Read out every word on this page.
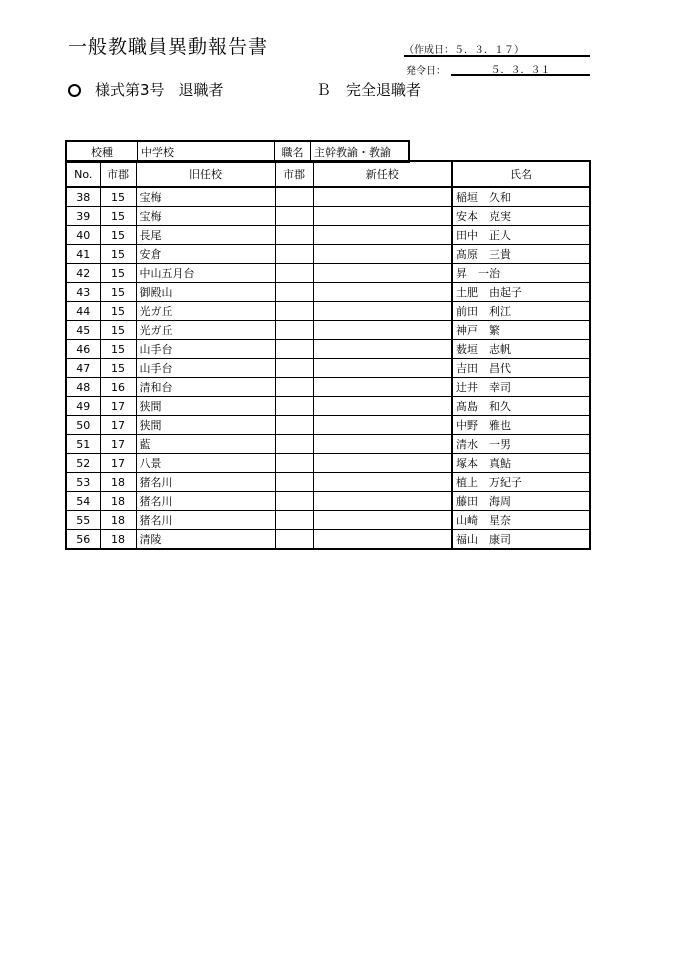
一般教職員異動報告書	（作成日：５．３．１７）
発令日：	５．３．３１
様式第3号 退職者	Ｂ　完全退職者
校種	中学校	職名	主幹教諭・教諭
No.	市郡	旧任校	市郡	新任校	氏名
38	15	宝梅			稲垣　久和
39	15	宝梅			安本　克実
40	15	長尾			田中　正人
41	15	安倉			髙原　三貴
42	15	中山五月台			昇　一治
43	15	御殿山			土肥　由起子
44	15	光ガ丘			前田　利江
45	15	光ガ丘			神戸　繁
46	15	山手台			薮垣　志帆
47	15	山手台			吉田　昌代
48	16	清和台			辻井　幸司
49	17	狭間			髙島　和久
50	17	狭間			中野　雅也
51	17	藍			清水　一男
52	17	八景			塚本　真鮎
53	18	猪名川			植上　万紀子
54	18	猪名川			藤田　海周
55	18	猪名川			山崎　星奈
56	18	清陵			福山　康司
